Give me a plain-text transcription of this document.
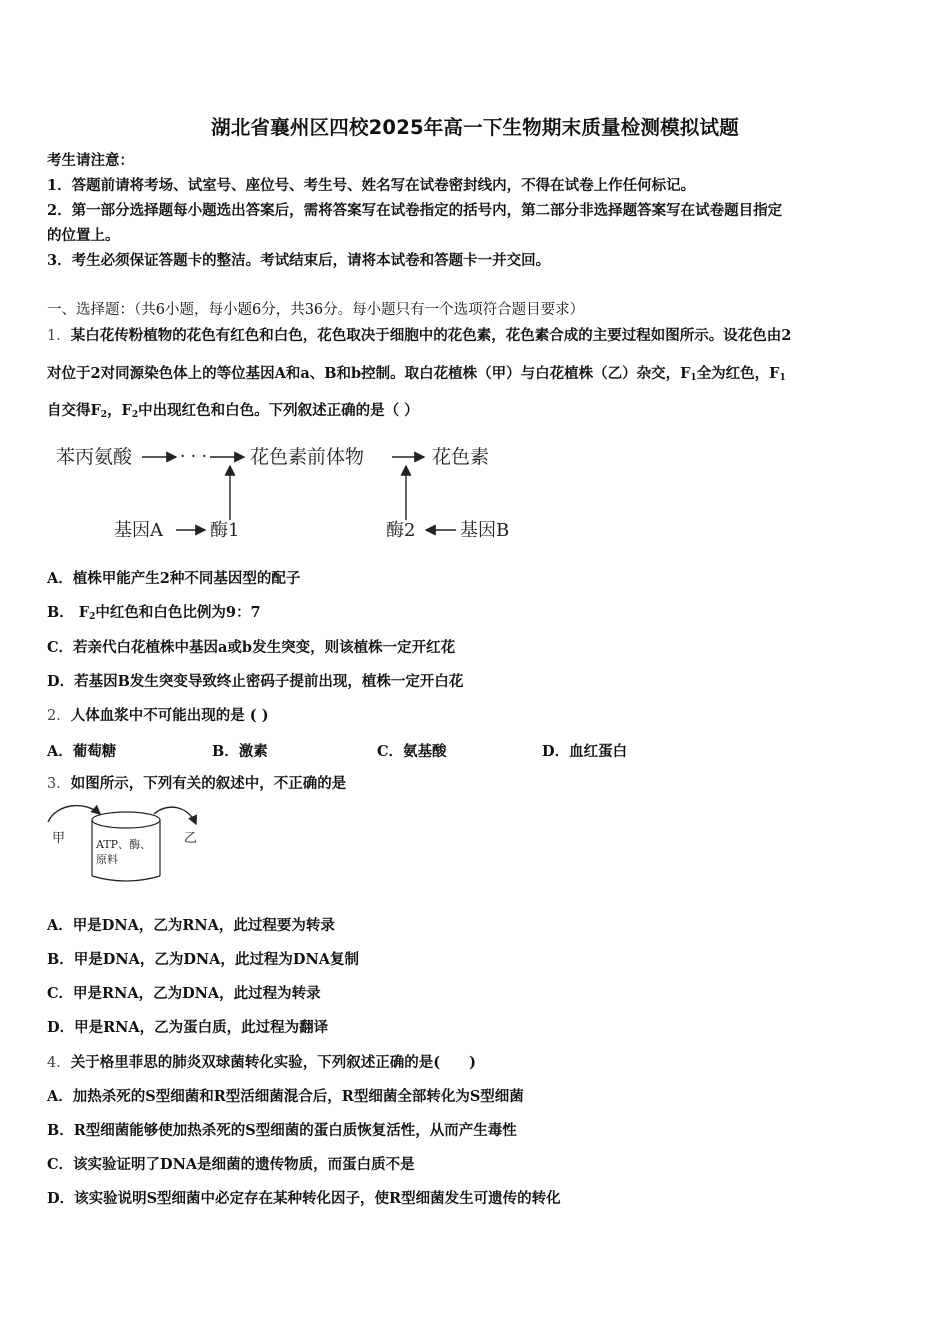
湖北省襄州区四校2025年高一下生物期末质量检测模拟试题
考生请注意：
1．答题前请将考场、试室号、座位号、考生号、姓名写在试卷密封线内，不得在试卷上作任何标记。
2．第一部分选择题每小题选出答案后，需将答案写在试卷指定的括号内，第二部分非选择题答案写在试卷题目指定
的位置上。
3．考生必须保证答题卡的整洁。考试结束后，请将本试卷和答题卡一并交回。
一、选择题：（共6小题，每小题6分，共36分。每小题只有一个选项符合题目要求）
1．某白花传粉植物的花色有红色和白色，花色取决于细胞中的花色素，花色素合成的主要过程如图所示。设花色由2
对位于2对同源染色体上的等位基因A和a、B和b控制。取白花植株（甲）与白花植株（乙）杂交，$F_1$全为红色，$F_1$
自交得$F_2$，$F_2$中出现红色和白色。下列叙述正确的是（ ）
苯丙氨酸	· · · 花色素前体物	花色素
基因A	酶1	酶2 基因B
A．植株甲能产生2种不同基因型的配子
B． $F_2$中红色和白色比例为9：7
C．若亲代白花植株中基因a或b发生突变，则该植株一定开红花
D．若基因B发生突变导致终止密码子提前出现，植株一定开白花
2．人体血浆中不可能出现的是 ( )
A．葡萄糖	B．激素	C．氨基酸	D．血红蛋白
3．如图所示，下列有关的叙述中，不正确的是
甲	乙
ATP、酶、
原料
A．甲是DNA，乙为RNA，此过程要为转录
B．甲是DNA，乙为DNA，此过程为DNA复制
C．甲是RNA，乙为DNA，此过程为转录
D．甲是RNA，乙为蛋白质，此过程为翻译
4．关于格里菲思的肺炎双球菌转化实验，下列叙述正确的是(　　)
A．加热杀死的S型细菌和R型活细菌混合后，R型细菌全部转化为S型细菌
B．R型细菌能够使加热杀死的S型细菌的蛋白质恢复活性，从而产生毒性
C．该实验证明了DNA是细菌的遗传物质，而蛋白质不是
D．该实验说明S型细菌中必定存在某种转化因子，使R型细菌发生可遗传的转化
